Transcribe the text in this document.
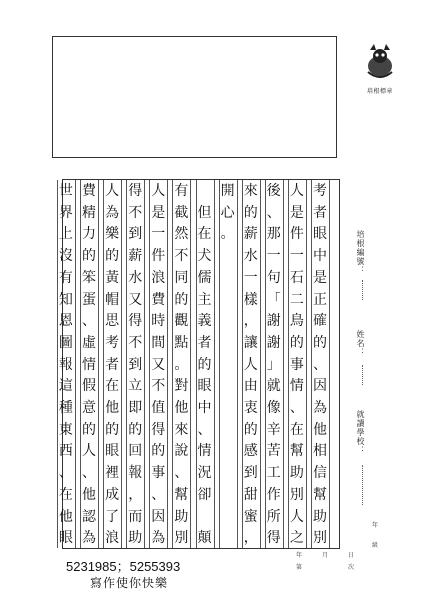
培根標章
考
者
眼
中
是
正
確
的
、
因
為
他
相
信
幫
助
別
人
是
件
一
石
二
鳥
的
事
情
、
在
幫
助
別
人
之
後
、
那
一
句
「
謝
謝
」
就
像
辛
苦
工
作
所
得
來
的
薪
水
一
樣
，
讓
人
由
衷
的
感
到
甜
蜜
，
開
心
。
但
在
犬
儒
主
義
者
的
眼
中
、
情
況
卻
顛
有
截
然
不
同
的
觀
點
。
對
他
來
說
、
幫
助
別
人
是
一
件
浪
費
時
間
又
不
值
得
的
事
、
因
為
得
不
到
薪
水
又
得
不
到
立
即
的
回
報
，
而
助
人
為
樂
的
黃
帽
思
考
者
在
他
的
眼
裡
成
了
浪
費
精
力
的
笨
蛋
、
虛
情
假
意
的
人
、
他
認
為
世
界
上
沒
有
知
恩
圖
報
這
種
東
西
、
在
他
眼
培根編號：
姓名：
就讀學校：
年
級
5231985；5255393
寫作使你快樂
年	月	日
第	次
